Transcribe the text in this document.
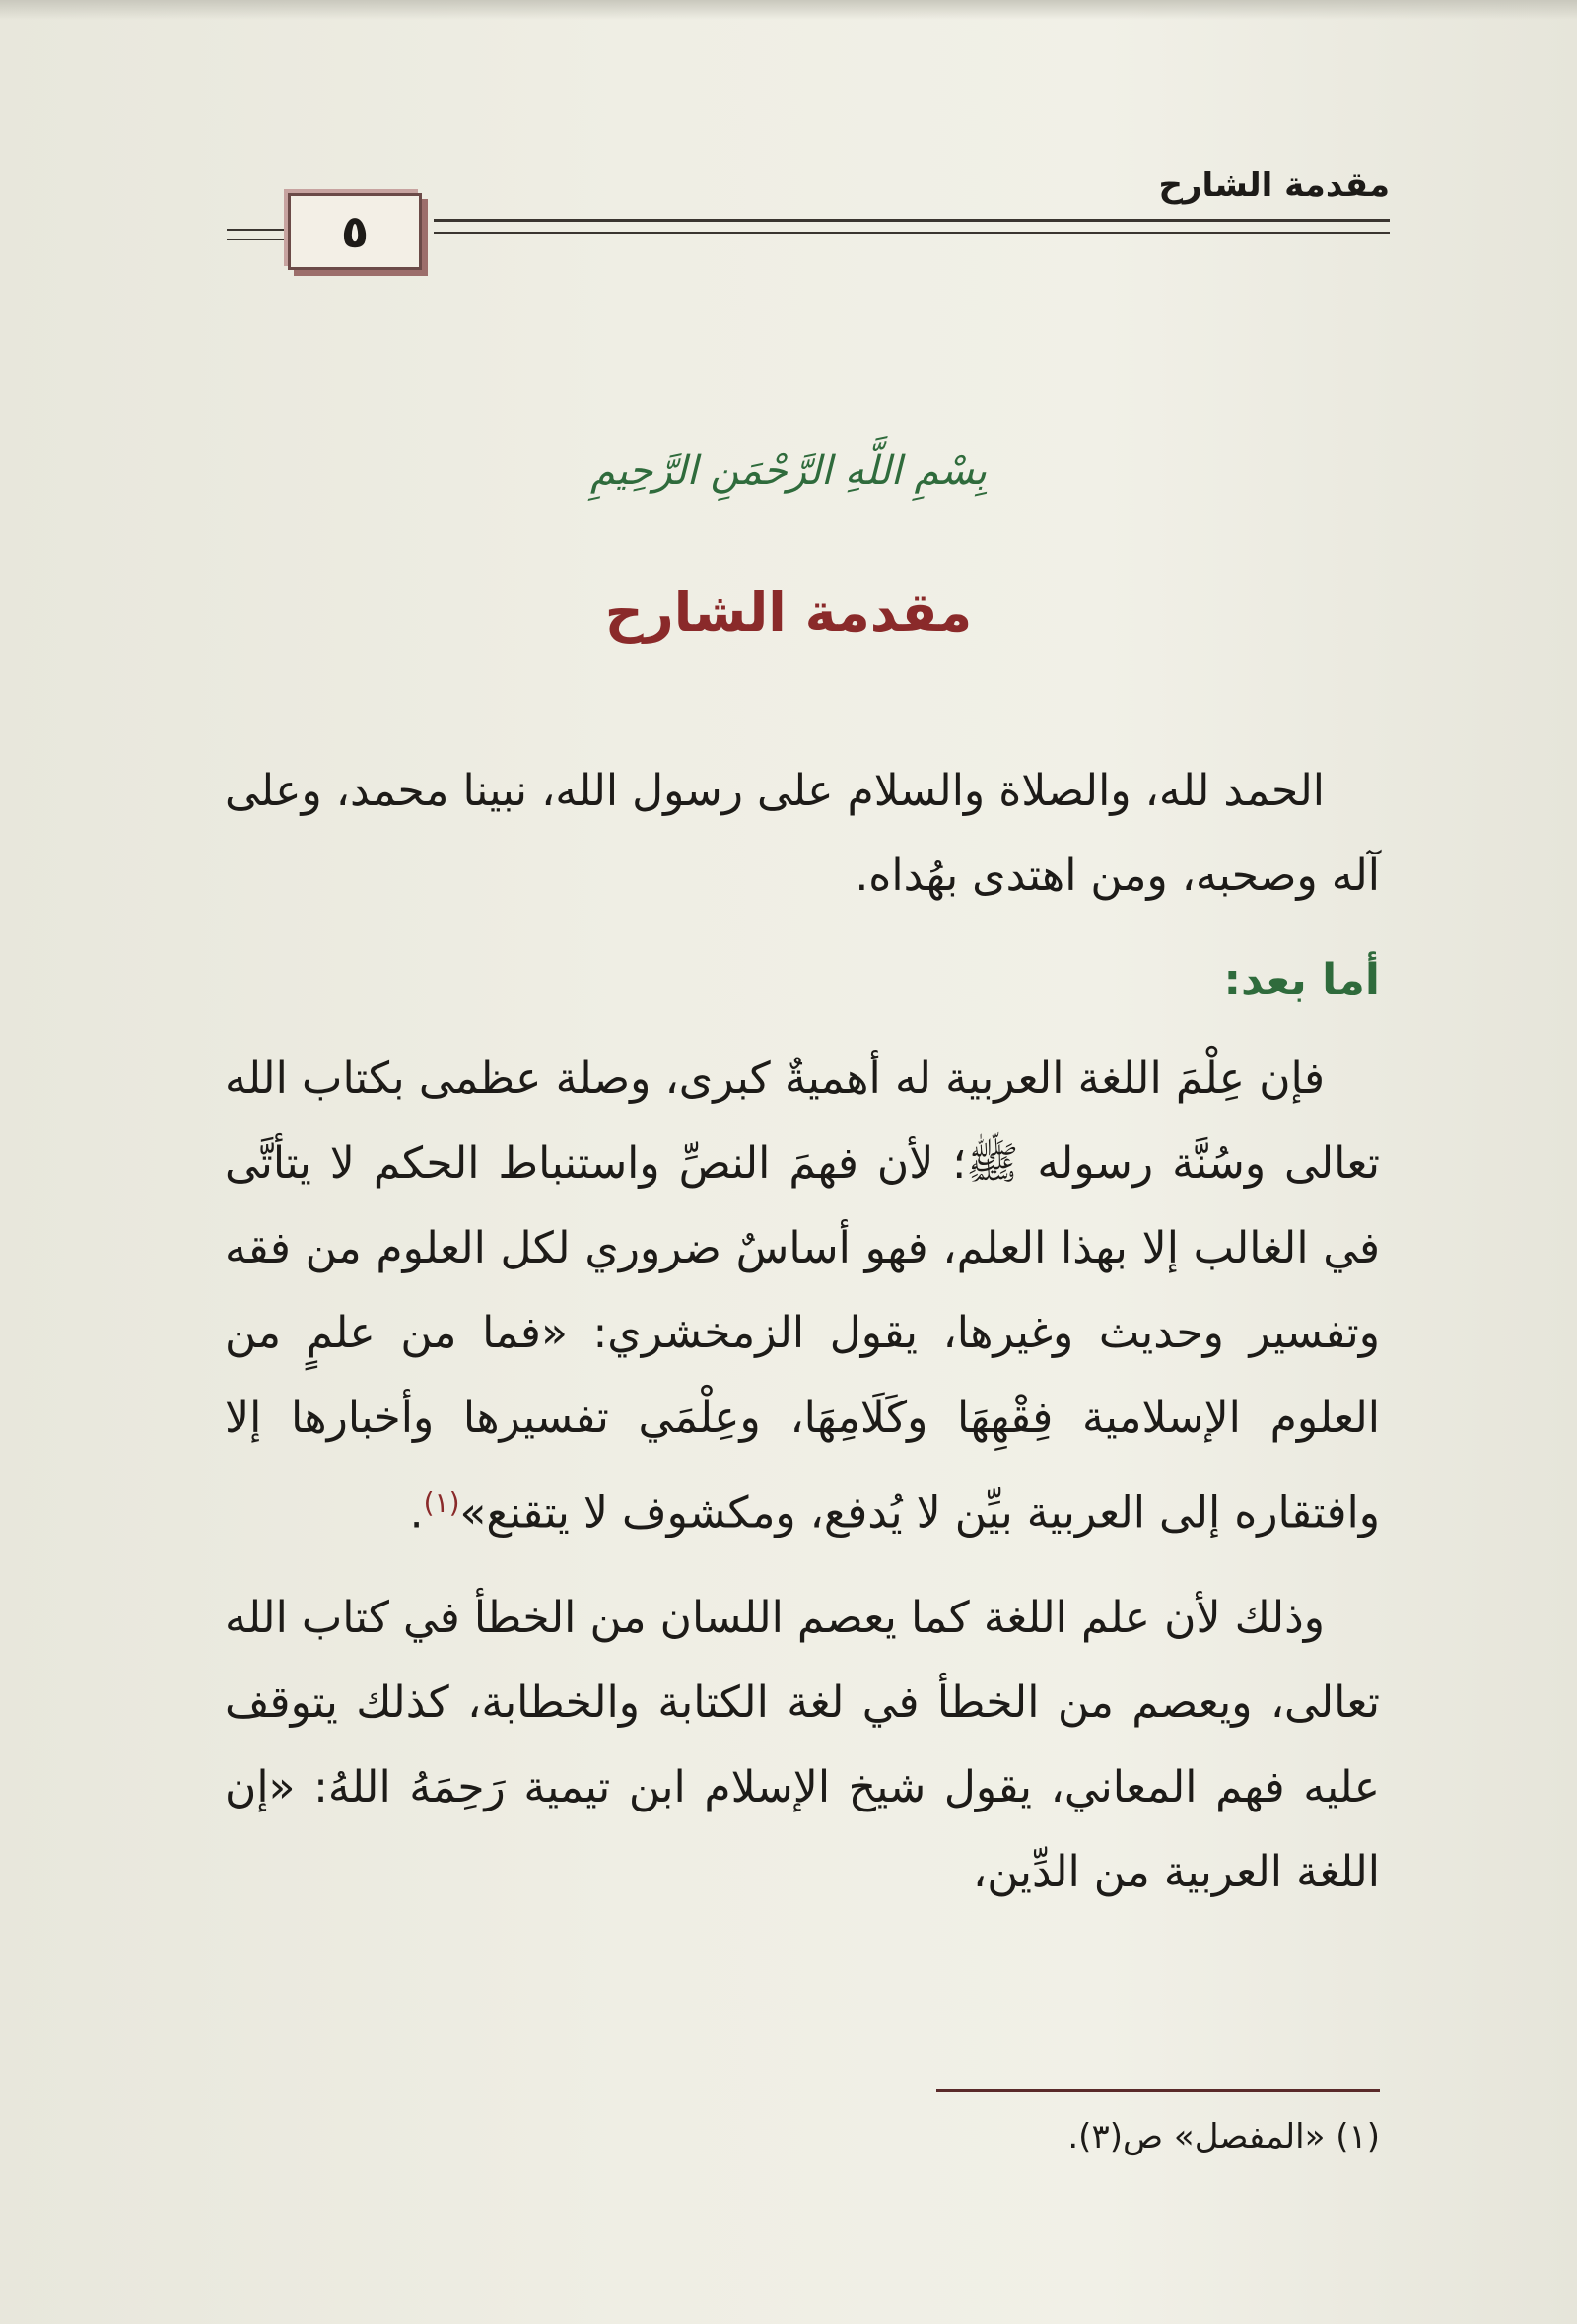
مقدمة الشارح
٥
بِسْمِ اللَّهِ الرَّحْمَنِ الرَّحِيمِ
مقدمة الشارح

الحمد لله، والصلاة والسلام على رسول الله، نبينا محمد، وعلى آله وصحبه، ومن اهتدى بهُداه.

أما بعد:

فإن عِلْمَ اللغة العربية له أهميةٌ كبرى، وصلة عظمى بكتاب الله تعالى وسُنَّة رسوله ﷺ؛ لأن فهمَ النصِّ واستنباط الحكم لا يتأتَّى في الغالب إلا بهذا العلم، فهو أساسٌ ضروري لكل العلوم من فقه وتفسير وحديث وغيرها، يقول الزمخشري: «فما من علمٍ من العلوم الإسلامية فِقْهِهَا وكَلَامِهَا، وعِلْمَي تفسيرها وأخبارها إلا وافتقاره إلى العربية بيِّن لا يُدفع، ومكشوف لا يتقنع»$^{(١)}$.

وذلك لأن علم اللغة كما يعصم اللسان من الخطأ في كتاب الله تعالى، ويعصم من الخطأ في لغة الكتابة والخطابة، كذلك يتوقف عليه فهم المعاني، يقول شيخ الإسلام ابن تيمية رَحِمَهُ اللهُ: «إن اللغة العربية من الدِّين،

(١) «المفصل» ص(٣).
